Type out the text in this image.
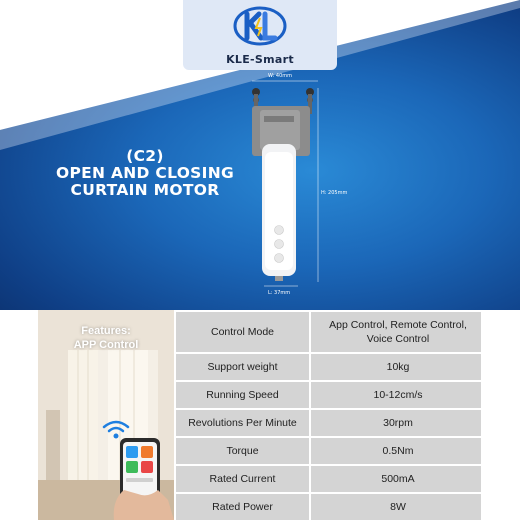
KLE-Smart
(C2)
OPEN AND CLOSING
CURTAIN MOTOR
W: 40mm
H: 205mm
L: 37mm
Features:
APP Control
Control Mode	App Control, Remote Control, Voice Control
Support weight	10kg
Running Speed	10-12cm/s
Revolutions Per Minute	30rpm
Torque	0.5Nm
Rated Current	500mA
Rated Power	8W
